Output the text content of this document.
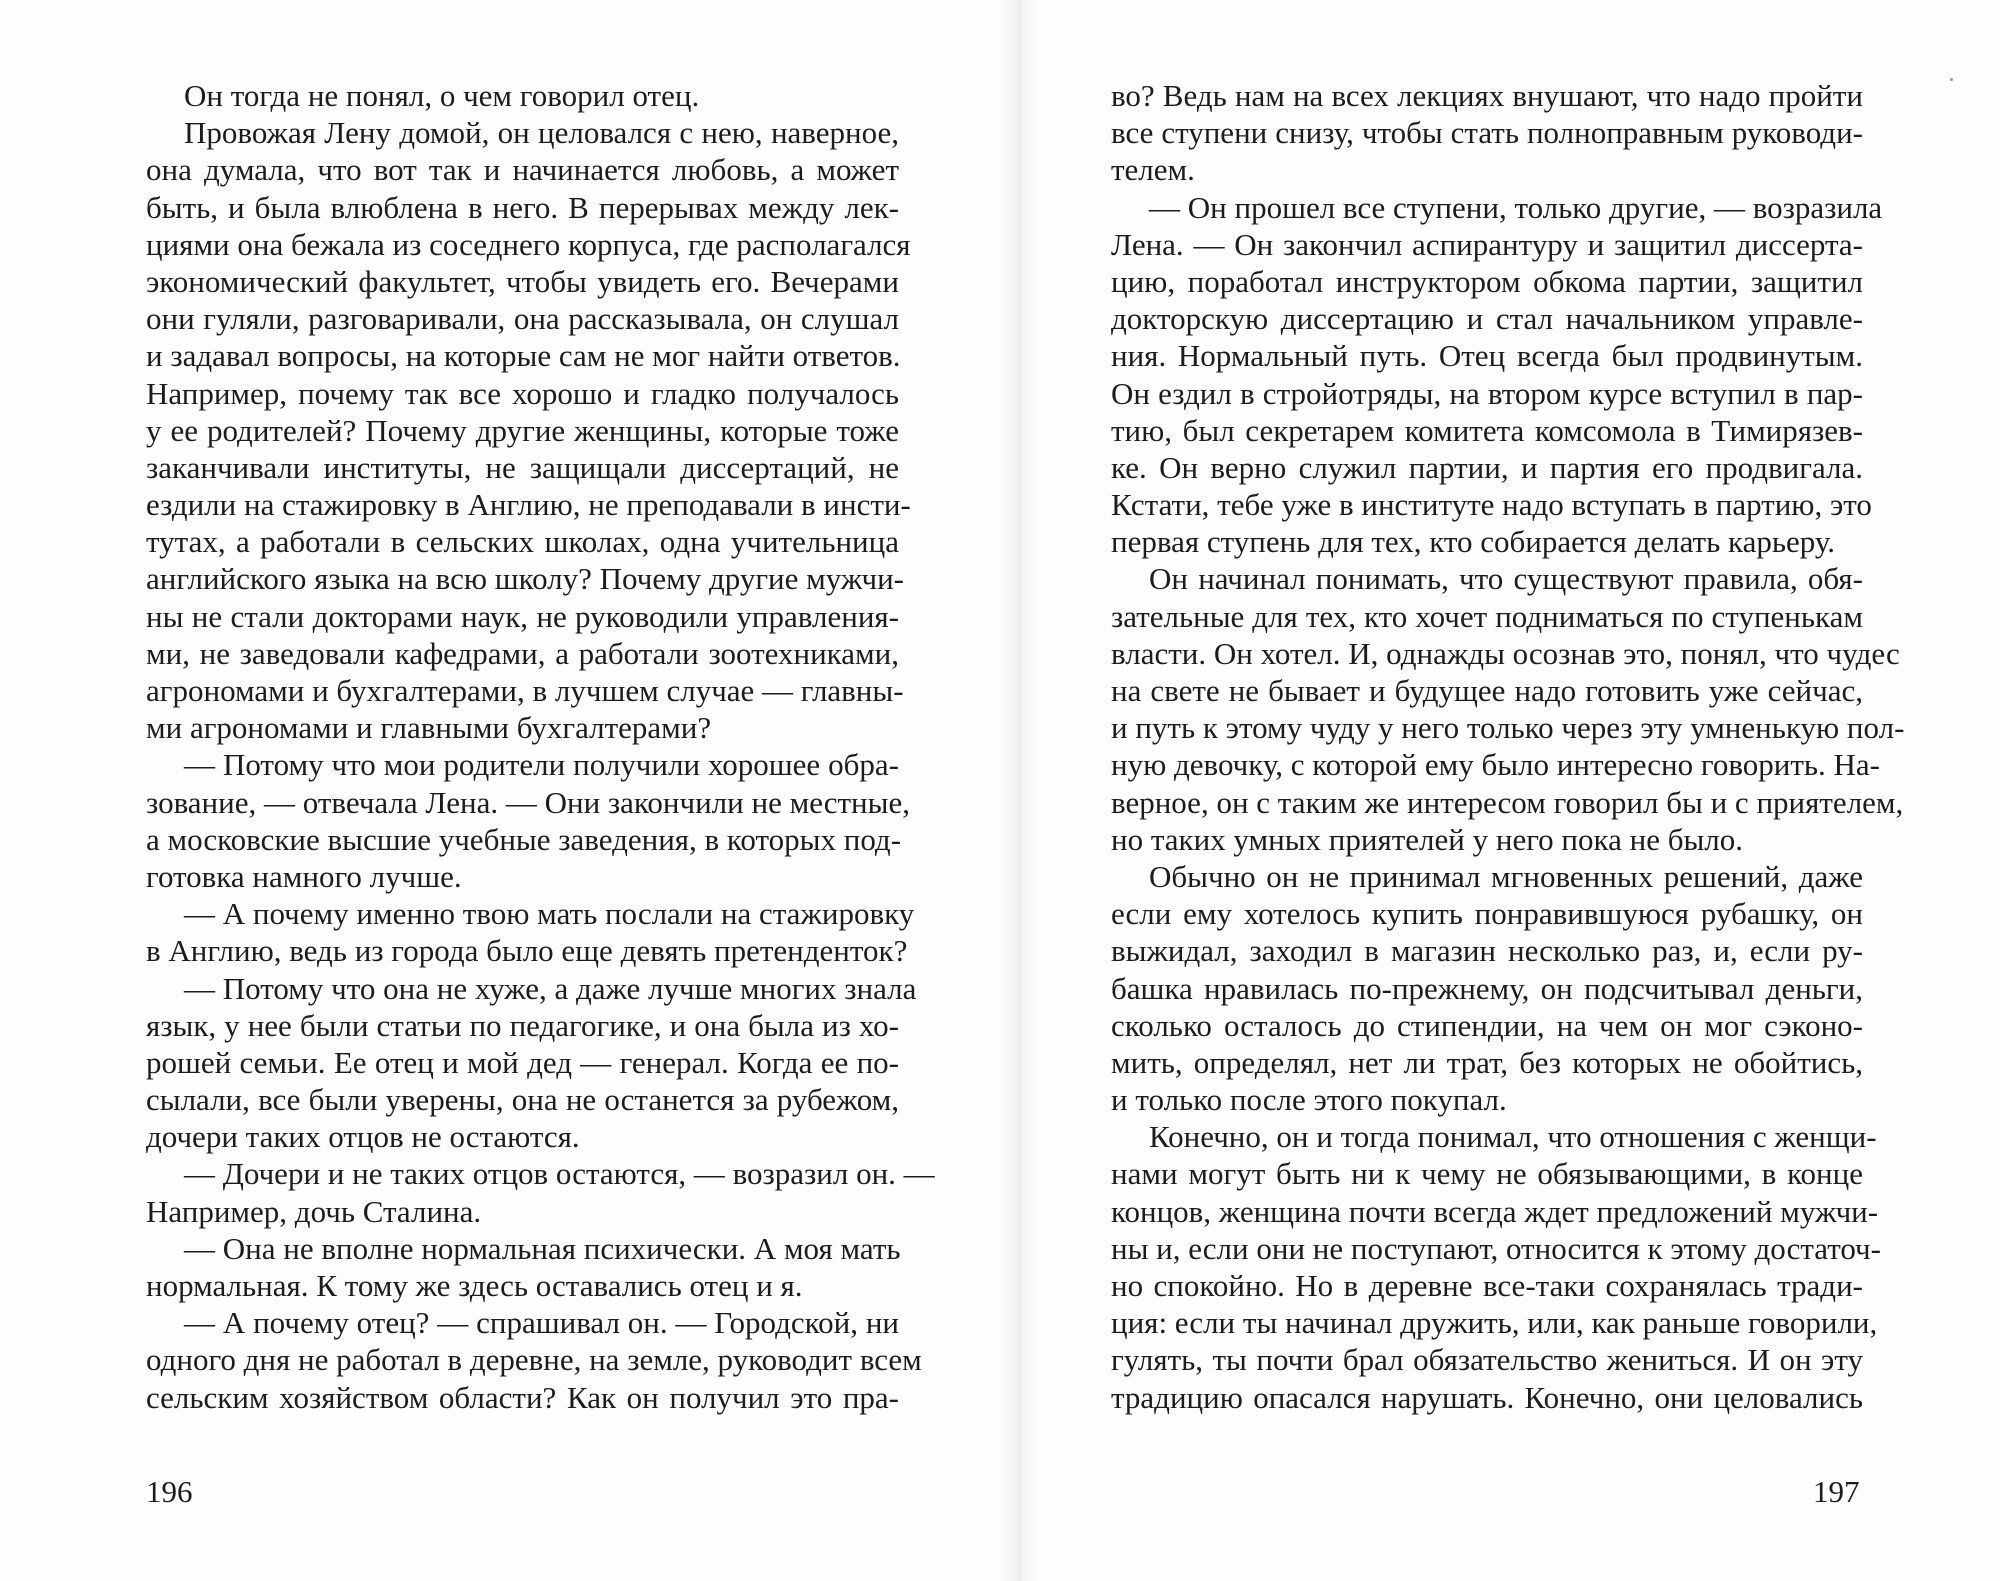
Он тогда не понял, о чем говорил отец.
Провожая Лену домой, он целовался с нею, наверное,
она думала, что вот так и начинается любовь, а может
быть, и была влюблена в него. В перерывах между лек-
циями она бежала из соседнего корпуса, где располагался
экономический факультет, чтобы увидеть его. Вечерами
они гуляли, разговаривали, она рассказывала, он слушал
и задавал вопросы, на которые сам не мог найти ответов.
Например, почему так все хорошо и гладко получалось
у ее родителей? Почему другие женщины, которые тоже
заканчивали институты, не защищали диссертаций, не
ездили на стажировку в Англию, не преподавали в инсти-
тутах, а работали в сельских школах, одна учительница
английского языка на всю школу? Почему другие мужчи-
ны не стали докторами наук, не руководили управления-
ми, не заведовали кафедрами, а работали зоотехниками,
агрономами и бухгалтерами, в лучшем случае — главны-
ми агрономами и главными бухгалтерами?
— Потому что мои родители получили хорошее обра-
зование, — отвечала Лена. — Они закончили не местные,
а московские высшие учебные заведения, в которых под-
готовка намного лучше.
— А почему именно твою мать послали на стажировку
в Англию, ведь из города было еще девять претенденток?
— Потому что она не хуже, а даже лучше многих знала
язык, у нее были статьи по педагогике, и она была из хо-
рошей семьи. Ее отец и мой дед — генерал. Когда ее по-
сылали, все были уверены, она не останется за рубежом,
дочери таких отцов не остаются.
— Дочери и не таких отцов остаются, — возразил он. —
Например, дочь Сталина.
— Она не вполне нормальная психически. А моя мать
нормальная. К тому же здесь оставались отец и я.
— А почему отец? — спрашивал он. — Городской, ни
одного дня не работал в деревне, на земле, руководит всем
сельским хозяйством области? Как он получил это пра-
во? Ведь нам на всех лекциях внушают, что надо пройти
все ступени снизу, чтобы стать полноправным руководи-
телем.
— Он прошел все ступени, только другие, — возразила
Лена. — Он закончил аспирантуру и защитил диссерта-
цию, поработал инструктором обкома партии, защитил
докторскую диссертацию и стал начальником управле-
ния. Нормальный путь. Отец всегда был продвинутым.
Он ездил в стройотряды, на втором курсе вступил в пар-
тию, был секретарем комитета комсомола в Тимирязев-
ке. Он верно служил партии, и партия его продвигала.
Кстати, тебе уже в институте надо вступать в партию, это
первая ступень для тех, кто собирается делать карьеру.
Он начинал понимать, что существуют правила, обя-
зательные для тех, кто хочет подниматься по ступенькам
власти. Он хотел. И, однажды осознав это, понял, что чудес
на свете не бывает и будущее надо готовить уже сейчас,
и путь к этому чуду у него только через эту умненькую пол-
ную девочку, с которой ему было интересно говорить. На-
верное, он с таким же интересом говорил бы и с приятелем,
но таких умных приятелей у него пока не было.
Обычно он не принимал мгновенных решений, даже
если ему хотелось купить понравившуюся рубашку, он
выжидал, заходил в магазин несколько раз, и, если ру-
башка нравилась по-прежнему, он подсчитывал деньги,
сколько осталось до стипендии, на чем он мог сэконо-
мить, определял, нет ли трат, без которых не обойтись,
и только после этого покупал.
Конечно, он и тогда понимал, что отношения с женщи-
нами могут быть ни к чему не обязывающими, в конце
концов, женщина почти всегда ждет предложений мужчи-
ны и, если они не поступают, относится к этому достаточ-
но спокойно. Но в деревне все-таки сохранялась тради-
ция: если ты начинал дружить, или, как раньше говорили,
гулять, ты почти брал обязательство жениться. И он эту
традицию опасался нарушать. Конечно, они целовались
196	197
